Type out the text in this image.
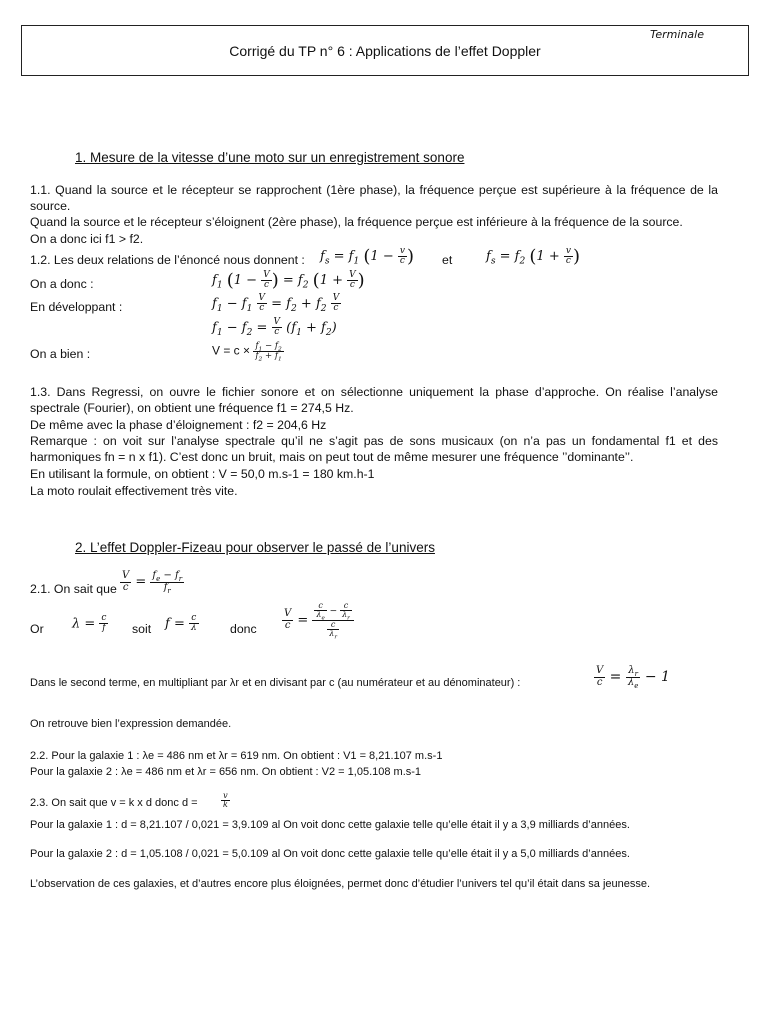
Terminale
Corrigé du TP n° 6 : Applications de l’effet Doppler
1. Mesure de la vitesse d’une moto sur un enregistrement sonore
1.1. Quand la source et le récepteur se rapprochent (1ère phase), la fréquence perçue est supérieure à la fréquence de la source.
Quand la source et le récepteur s’éloignent (2ère phase), la fréquence perçue est inférieure à la fréquence de la source.
On a donc ici f1 > f2.
1.2. Les deux relations de l’énoncé nous donnent : $f_s = f_1$ ($1 - \frac{v}{c}$ ) et	$f_s = f_2$ ($1 + \frac{v}{c}$ )
On a donc :	$f_1$ ($1 - \frac{V}{c}$ ) = $f_2$ ($1 + \frac{V}{c}$ )
En développant :	$f_1 - f_1 \frac{V}{c} = f_2 + f_2 \frac{V}{c}$
$f_1 - f_2 = \frac{V}{c} (f_1 + f_2)$
On a bien :	$V = c \times \frac{f_1 - f_2}{f_2 + f_1}$
1.3. Dans Regressi, on ouvre le fichier sonore et on sélectionne uniquement la phase d’approche. On réalise l’analyse spectrale (Fourier), on obtient une fréquence f1 = 274,5 Hz.
De même avec la phase d’éloignement : f2 = 204,6 Hz
Remarque : on voit sur l’analyse spectrale qu’il ne s’agit pas de sons musicaux (on n’a pas un fondamental f1 et des harmoniques fn = n x f1). C’est donc un bruit, mais on peut tout de même mesurer une fréquence ’’dominante’’.
En utilisant la formule, on obtient : V = 50,0 m.s-1 = 180 km.h-1
La moto roulait effectivement très vite.
2. L’effet Doppler-Fizeau pour observer le passé de l’univers
2.1. On sait que $\frac{V}{c} = \frac{f_e - f_r}{f_r}$
Or $\lambda = \frac{c}{f}$ soit $f = \frac{c}{\lambda}$	donc	$\frac{V}{c} = \frac{\frac{c}{\lambda_e} - \frac{c}{\lambda_r}}{\frac{c}{\lambda_r}}$
Dans le second terme, en multipliant par λr et en divisant par c (au numérateur et au dénominateur) :	$\frac{V}{c} = \frac{\lambda_r}{\lambda_e} - 1$
On retrouve bien l’expression demandée.
2.2. Pour la galaxie 1 : λe = 486 nm et λr = 619 nm. On obtient : V1 = 8,21.107 m.s-1
Pour la galaxie 2 : λe = 486 nm et λr = 656 nm. On obtient : V2 = 1,05.108 m.s-1
2.3. On sait que v = k x d donc d =	$\frac{v}{k}$
Pour la galaxie 1 : d = 8,21.107 / 0,021 = 3,9.109 al On voit donc cette galaxie telle qu’elle était il y a 3,9 milliards d’années.
Pour la galaxie 2 : d = 1,05.108 / 0,021 = 5,0.109 al On voit donc cette galaxie telle qu’elle était il y a 5,0 milliards d’années.
L’observation de ces galaxies, et d’autres encore plus éloignées, permet donc d’étudier l’univers tel qu’il était dans sa jeunesse.
